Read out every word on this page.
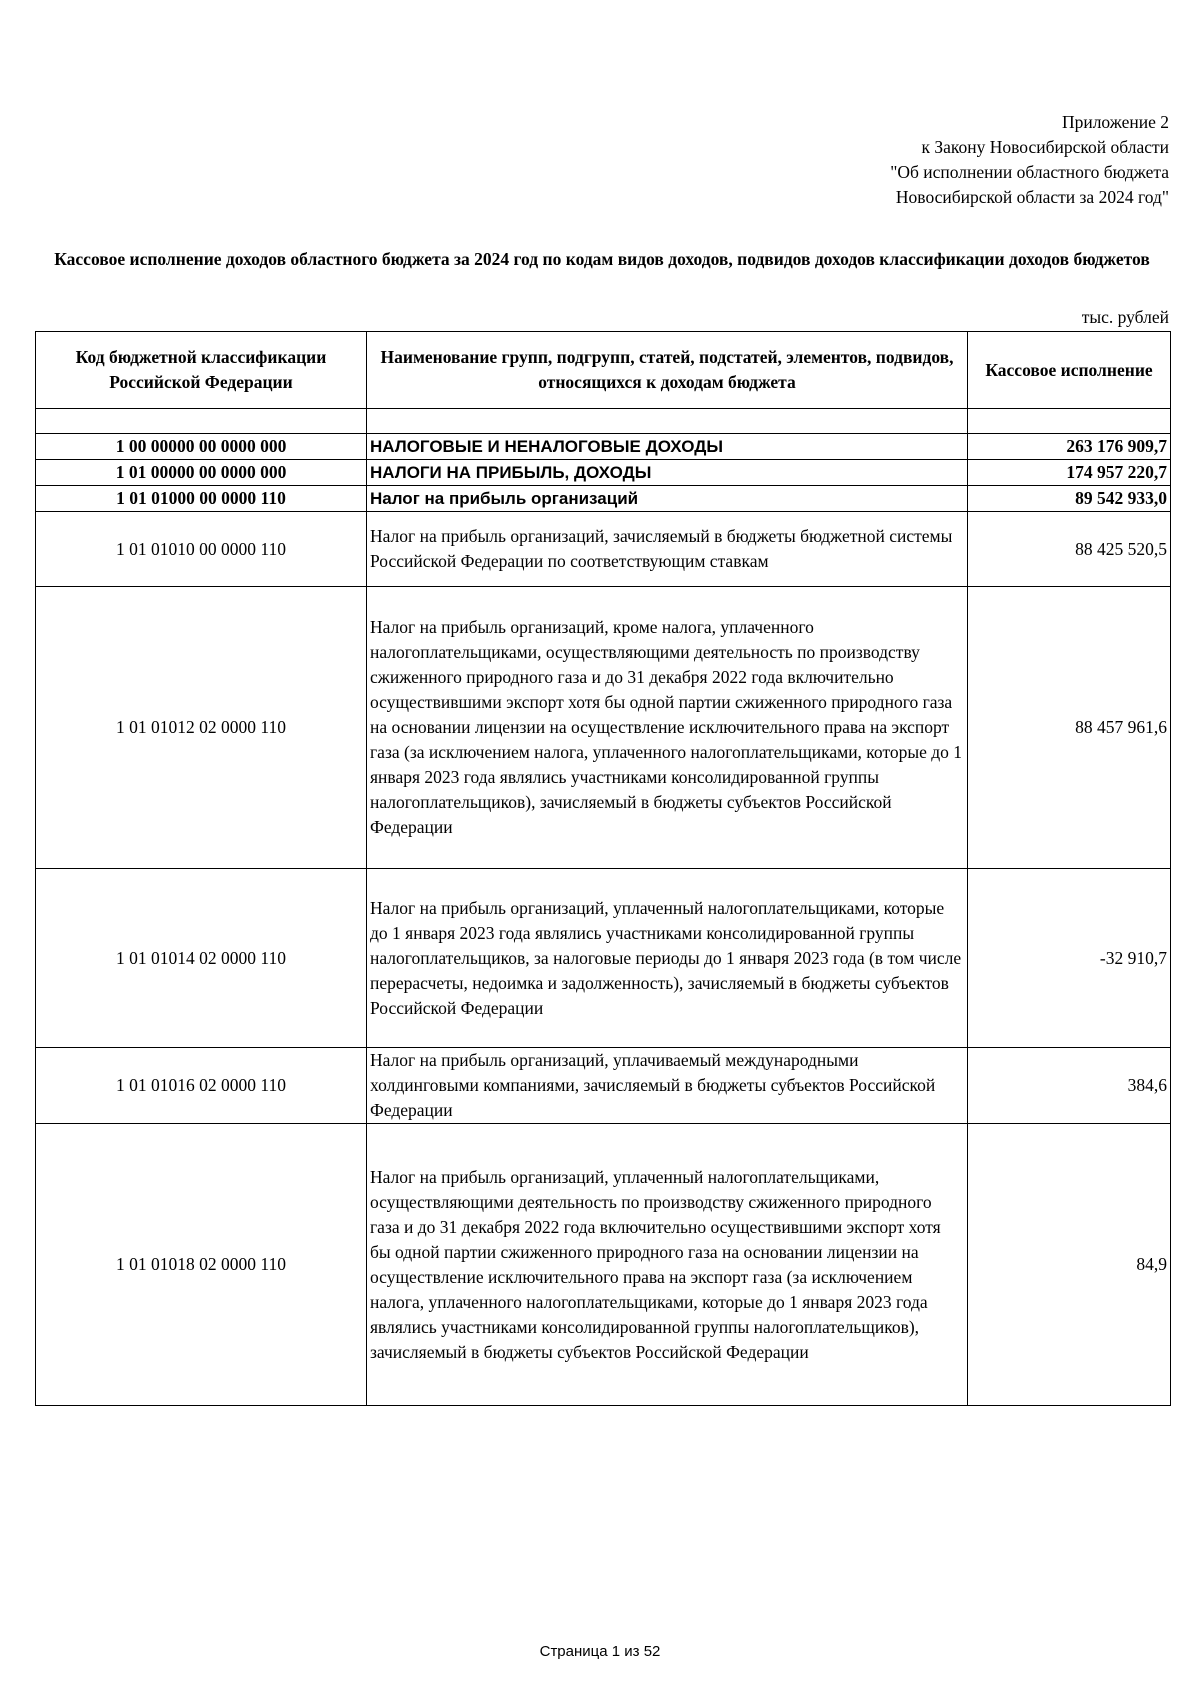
Приложение 2
к Закону Новосибирской области
"Об исполнении областного бюджета
Новосибирской области за 2024 год"
Кассовое исполнение доходов областного бюджета за 2024 год по кодам видов доходов, подвидов доходов классификации доходов бюджетов
тыс. рублей
Код бюджетной классификации Российской Федерации	Наименование групп, подгрупп, статей, подстатей, элементов, подвидов, относящихся к доходам бюджета	Кассовое исполнение

1 00 00000 00 0000 000	НАЛОГОВЫЕ И НЕНАЛОГОВЫЕ ДОХОДЫ	263 176 909,7
1 01 00000 00 0000 000	НАЛОГИ НА ПРИБЫЛЬ, ДОХОДЫ	174 957 220,7
1 01 01000 00 0000 110	Налог на прибыль организаций	89 542 933,0
1 01 01010 00 0000 110	Налог на прибыль организаций, зачисляемый в бюджеты бюджетной системы Российской Федерации по соответствующим ставкам	88 425 520,5
1 01 01012 02 0000 110	Налог на прибыль организаций, кроме налога, уплаченного налогоплательщиками, осуществляющими деятельность по производству сжиженного природного газа и до 31 декабря 2022 года включительно осуществившими экспорт хотя бы одной партии сжиженного природного газа на основании лицензии на осуществление исключительного права на экспорт газа (за исключением налога, уплаченного налогоплательщиками, которые до 1 января 2023 года являлись участниками консолидированной группы налогоплательщиков), зачисляемый в бюджеты субъектов Российской Федерации	88 457 961,6
1 01 01014 02 0000 110	Налог на прибыль организаций, уплаченный налогоплательщиками, которые до 1 января 2023 года являлись участниками консолидированной группы налогоплательщиков, за налоговые периоды до 1 января 2023 года (в том числе перерасчеты, недоимка и задолженность), зачисляемый в бюджеты субъектов Российской Федерации	-32 910,7
1 01 01016 02 0000 110	Налог на прибыль организаций, уплачиваемый международными холдинговыми компаниями, зачисляемый в бюджеты субъектов Российской Федерации	384,6
1 01 01018 02 0000 110	Налог на прибыль организаций, уплаченный налогоплательщиками, осуществляющими деятельность по производству сжиженного природного газа и до 31 декабря 2022 года включительно осуществившими экспорт хотя бы одной партии сжиженного природного газа на основании лицензии на осуществление исключительного права на экспорт газа (за исключением налога, уплаченного налогоплательщиками, которые до 1 января 2023 года являлись участниками консолидированной группы налогоплательщиков), зачисляемый в бюджеты субъектов Российской Федерации	84,9
Страница 1 из 52
